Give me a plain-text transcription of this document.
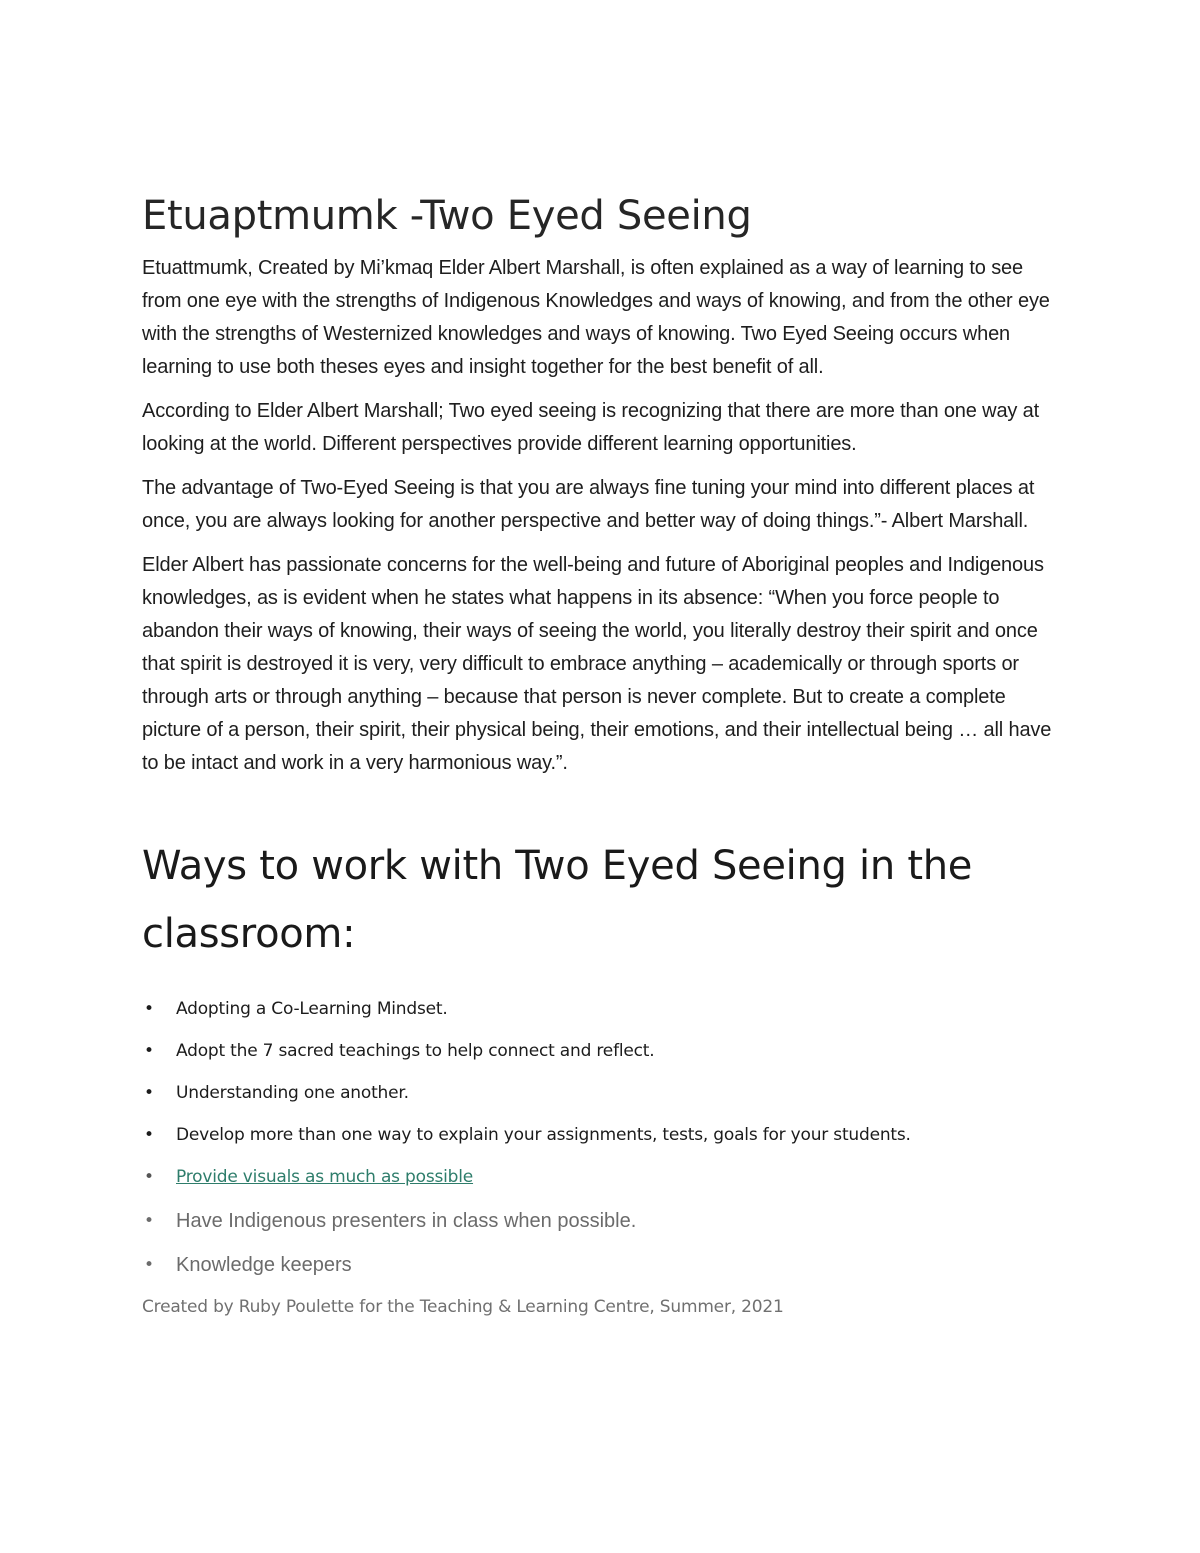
Etuaptmumk -Two Eyed Seeing

Etuattmumk, Created by Mi’kmaq Elder Albert Marshall, is often explained as a way of learning to see from one eye with the strengths of Indigenous Knowledges and ways of knowing, and from the other eye with the strengths of Westernized knowledges and ways of knowing. Two Eyed Seeing occurs when learning to use both theses eyes and insight together for the best benefit of all.

According to Elder Albert Marshall; Two eyed seeing is recognizing that there are more than one way at looking at the world. Different perspectives provide different learning opportunities.

The advantage of Two-Eyed Seeing is that you are always fine tuning your mind into different places at once, you are always looking for another perspective and better way of doing things.”- Albert Marshall.

Elder Albert has passionate concerns for the well-being and future of Aboriginal peoples and Indigenous knowledges, as is evident when he states what happens in its absence: “When you force people to abandon their ways of knowing, their ways of seeing the world, you literally destroy their spirit and once that spirit is destroyed it is very, very difficult to embrace anything – academically or through sports or through arts or through anything – because that person is never complete. But to create a complete picture of a person, their spirit, their physical being, their emotions, and their intellectual being … all have to be intact and work in a very harmonious way.”.

Ways to work with Two Eyed Seeing in the classroom:
• Adopting a Co-Learning Mindset.
• Adopt the 7 sacred teachings to help connect and reflect.
• Understanding one another.
• Develop more than one way to explain your assignments, tests, goals for your students.
• Provide visuals as much as possible
• Have Indigenous presenters in class when possible.
• Knowledge keepers

Created by Ruby Poulette for the Teaching & Learning Centre, Summer, 2021
